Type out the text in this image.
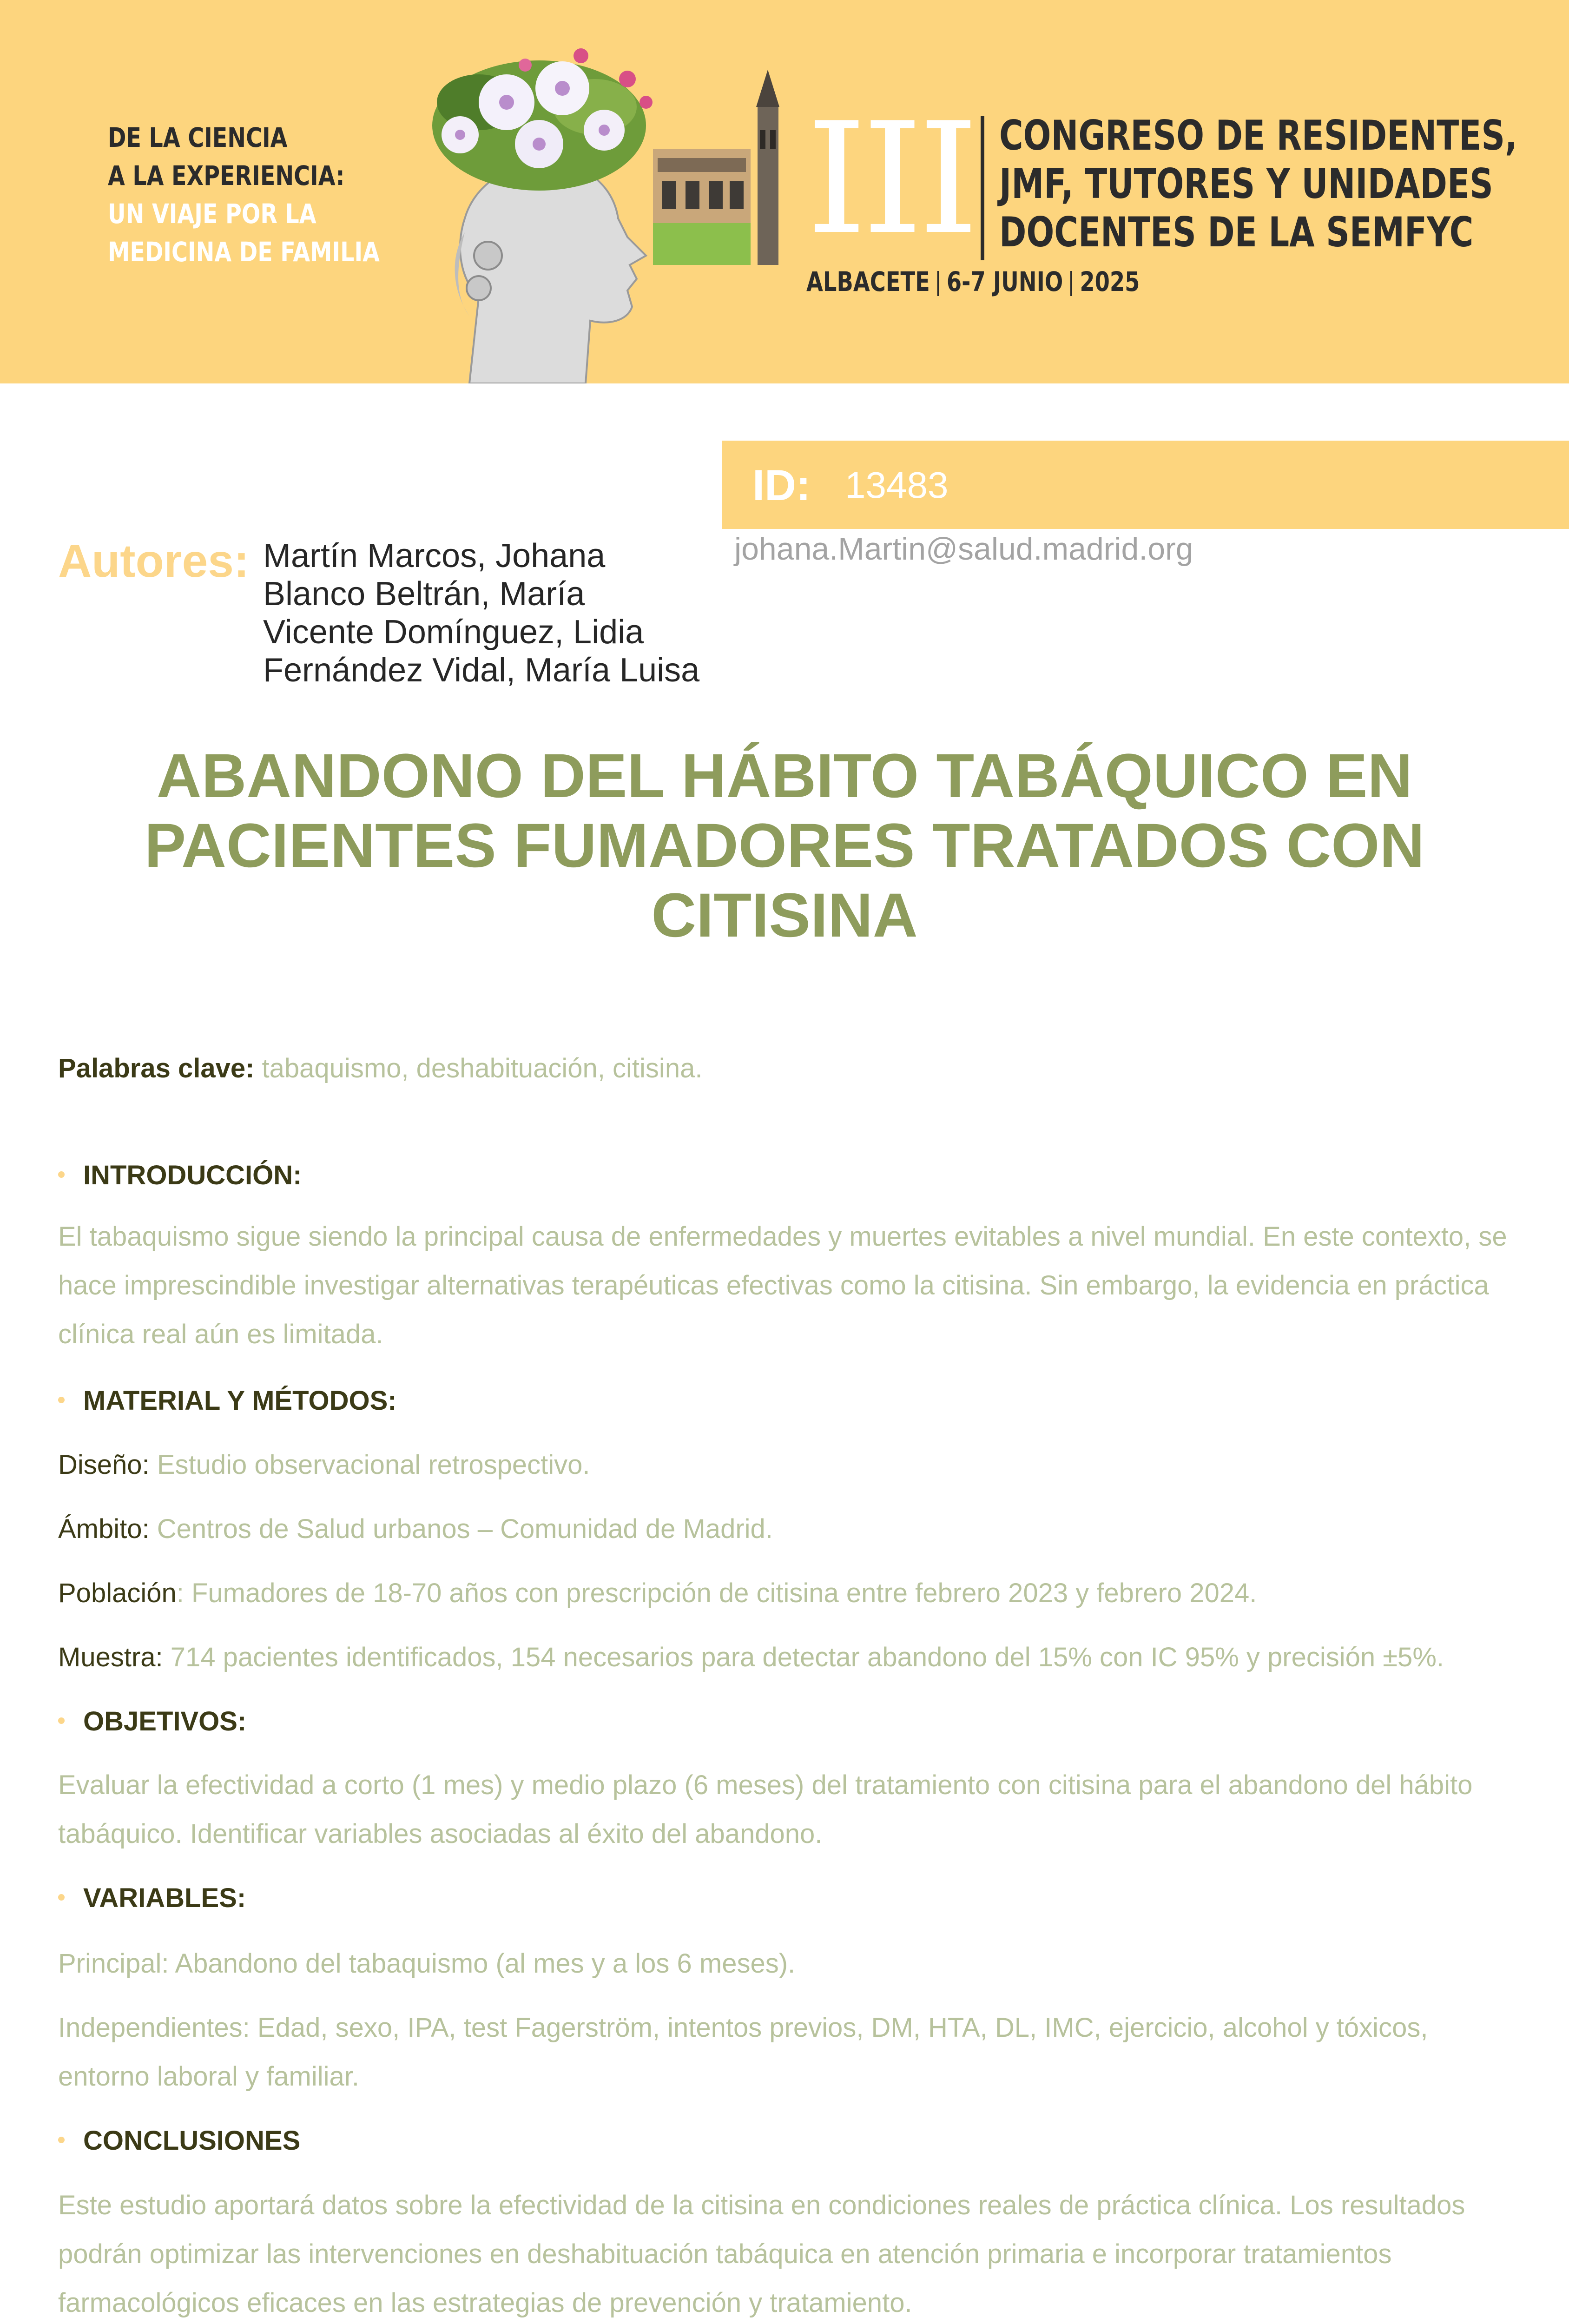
DE LA CIENCIA
A LA EXPERIENCIA:
UN VIAJE POR LA
MEDICINA DE FAMILIA	III CONGRESO DE RESIDENTES,
JMF, TUTORES Y UNIDADES
DOCENTES DE LA SEMFYC
ALBACETE 6-7 JUNIO 2025
ID: 13483
johana.Martin@salud.madrid.org
Autores: Martín Marcos, Johana
Blanco Beltrán, María
Vicente Domínguez, Lidia
Fernández Vidal, María Luisa
ABANDONO DEL HÁBITO TABÁQUICO EN PACIENTES FUMADORES TRATADOS CON CITISINA
Palabras clave: tabaquismo, deshabituación, citisina.
INTRODUCCIÓN:
El tabaquismo sigue siendo la principal causa de enfermedades y muertes evitables a nivel mundial. En este contexto, se hace imprescindible investigar alternativas terapéuticas efectivas como la citisina. Sin embargo, la evidencia en práctica clínica real aún es limitada.
MATERIAL Y MÉTODOS:
Diseño: Estudio observacional retrospectivo.
Ámbito: Centros de Salud urbanos – Comunidad de Madrid.
Población: Fumadores de 18-70 años con prescripción de citisina entre febrero 2023 y febrero 2024.
Muestra: 714 pacientes identificados, 154 necesarios para detectar abandono del 15% con IC 95% y precisión ±5%.
OBJETIVOS:
Evaluar la efectividad a corto (1 mes) y medio plazo (6 meses) del tratamiento con citisina para el abandono del hábito tabáquico. Identificar variables asociadas al éxito del abandono.
VARIABLES:
Principal: Abandono del tabaquismo (al mes y a los 6 meses).
Independientes: Edad, sexo, IPA, test Fagerström, intentos previos, DM, HTA, DL, IMC, ejercicio, alcohol y tóxicos, entorno laboral y familiar.
CONCLUSIONES
Este estudio aportará datos sobre la efectividad de la citisina en condiciones reales de práctica clínica. Los resultados podrán optimizar las intervenciones en deshabituación tabáquica en atención primaria e incorporar tratamientos farmacológicos eficaces en las estrategias de prevención y tratamiento.
